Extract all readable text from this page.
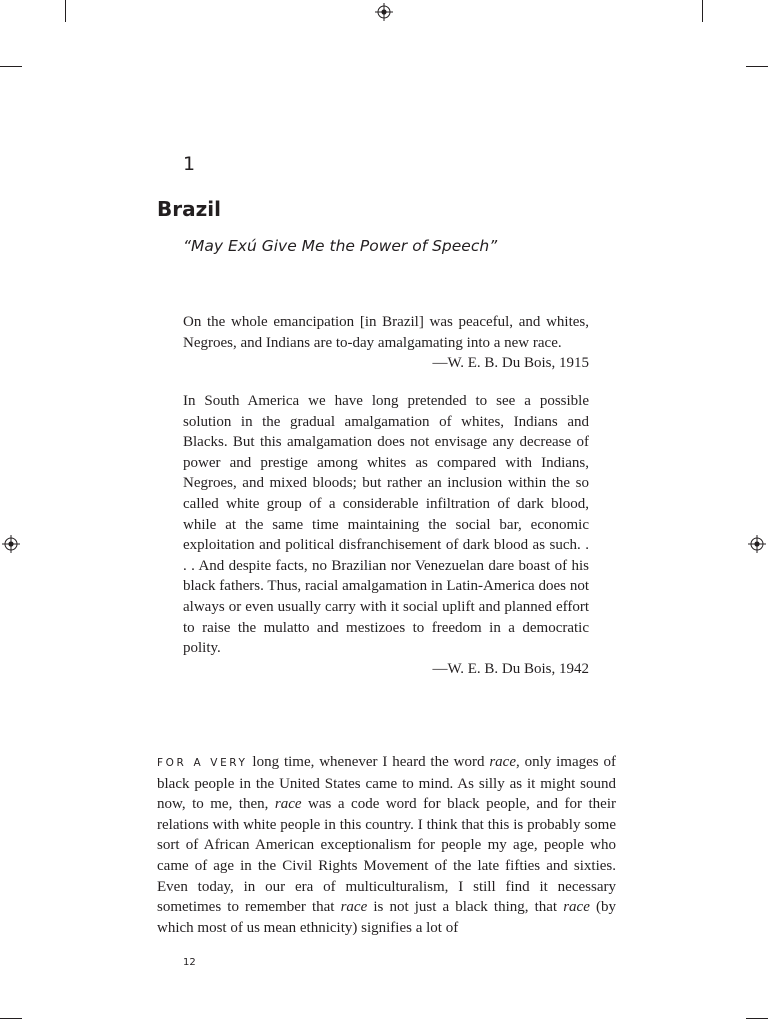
1
Brazil
“May Exú Give Me the Power of Speech”

On the whole emancipation [in Brazil] was peaceful, and whites, Negroes, and Indians are to-day amalgamating into a new race.

—W. E. B. Du Bois, 1915

In South America we have long pretended to see a possible solution in the gradual amalgamation of whites, Indians and Blacks. But this amalgamation does not envisage any decrease of power and prestige among whites as compared with Indians, Negroes, and mixed bloods; but rather an inclusion within the so called white group of a considerable infiltration of dark blood, while at the same time maintaining the social bar, economic exploitation and political disfranchisement of dark blood as such. . . . And despite facts, no Brazilian nor Venezuelan dare boast of his black fathers. Thus, racial amalgamation in Latin-America does not always or even usually carry with it social uplift and planned effort to raise the mulatto and mestizoes to freedom in a democratic polity.

—W. E. B. Du Bois, 1942

FOR A VERY long time, whenever I heard the word race, only images of black people in the United States came to mind. As silly as it might sound now, to me, then, race was a code word for black people, and for their relations with white people in this country. I think that this is probably some sort of African American exceptionalism for people my age, people who came of age in the Civil Rights Movement of the late fifties and sixties. Even today, in our era of multiculturalism, I still find it necessary sometimes to remember that race is not just a black thing, that race (by which most of us mean ethnicity) signifies a lot of

12
